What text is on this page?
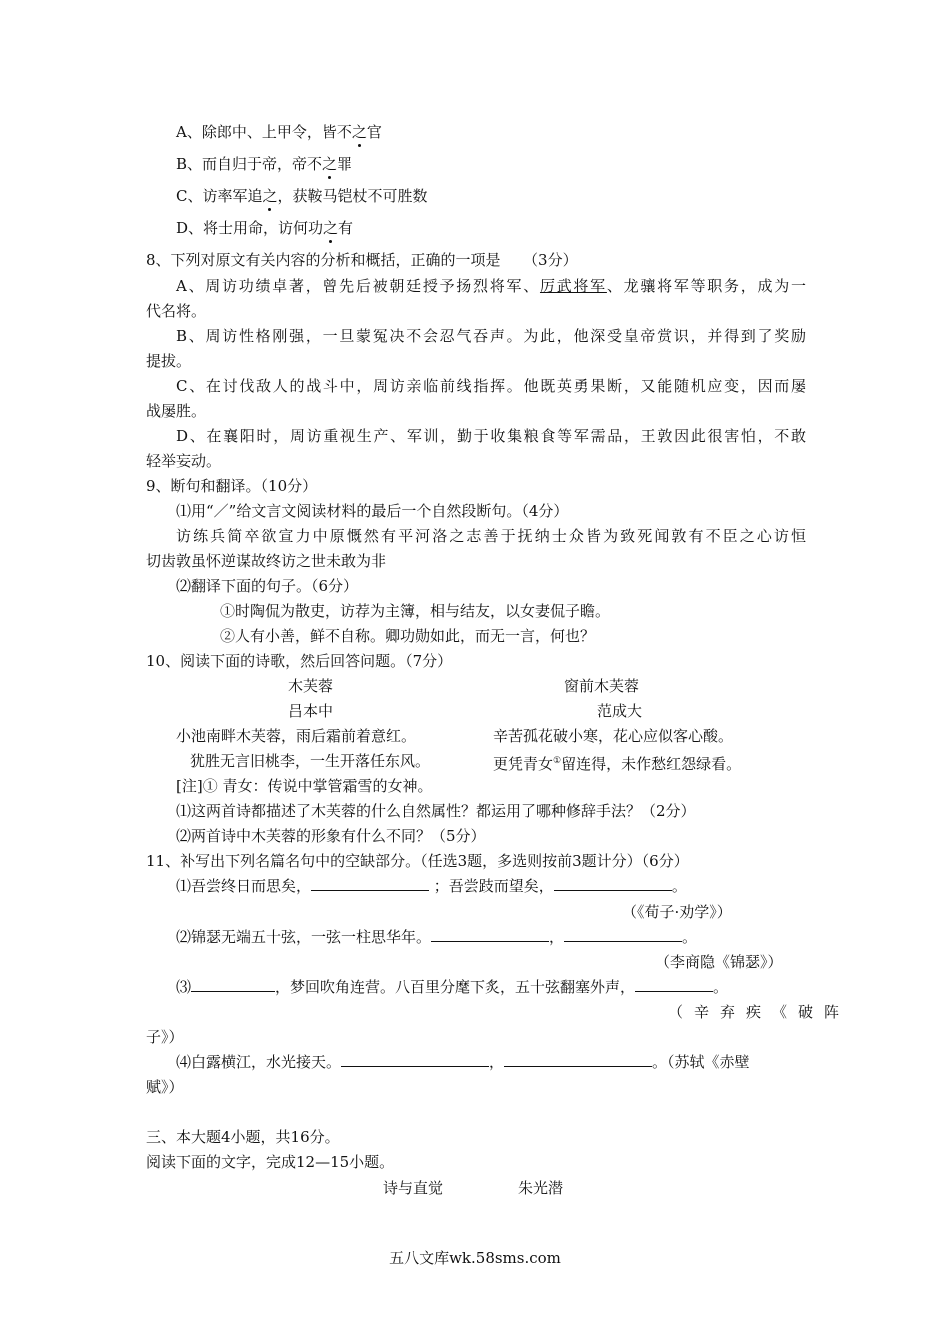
A、除郎中、上甲令，皆不之官
B、而自归于帝，帝不之罪
C、访率军追之，获鞍马铠杖不可胜数
D、将士用命，访何功之有
8、下列对原文有关内容的分析和概括，正确的一项是　　（3分）
A、周访功绩卓著，曾先后被朝廷授予扬烈将军、厉武将军、龙骧将军等职务，成为一
代名将。
B、周访性格刚强，一旦蒙冤决不会忍气吞声。为此，他深受皇帝赏识，并得到了奖励
提拔。
C、在讨伐敌人的战斗中，周访亲临前线指挥。他既英勇果断，又能随机应变，因而屡
战屡胜。
D、在襄阳时，周访重视生产、军训，勤于收集粮食等军需品，王敦因此很害怕，不敢
轻举妄动。
9、断句和翻译。（10分）
⑴用“／”给文言文阅读材料的最后一个自然段断句。（4分）
访练兵简卒欲宣力中原慨然有平河洛之志善于抚纳士众皆为致死闻敦有不臣之心访恒
切齿敦虽怀逆谋故终访之世未敢为非
⑵翻译下面的句子。（6分）
①时陶侃为散吏，访荐为主簿，相与结友，以女妻侃子瞻。
②人有小善，鲜不自称。卿功勋如此，而无一言，何也？
10、阅读下面的诗歌，然后回答问题。（7分）
木芙蓉	窗前木芙蓉
吕本中	范成大
小池南畔木芙蓉，雨后霜前着意红。	辛苦孤花破小寒，花心应似客心酸。
犹胜无言旧桃李，一生开落任东风。	更凭青女①留连得，未作愁红怨绿看。
[注]① 青女：传说中掌管霜雪的女神。
⑴这两首诗都描述了木芙蓉的什么自然属性？都运用了哪种修辞手法？（2分）
⑵两首诗中木芙蓉的形象有什么不同？（5分）
11、补写出下列名篇名句中的空缺部分。（任选3题，多选则按前3题计分）（6分）
⑴吾尝终日而思矣，	；吾尝跂而望矣，	。
（《荀子·劝学》）
⑵锦瑟无端五十弦，一弦一柱思华年。	，	。
（李商隐《锦瑟》）
⑶	，梦回吹角连营。八百里分麾下炙，五十弦翻塞外声，	。
（辛弃疾《破阵
子》）
⑷白露横江，水光接天。	，	。（苏轼《赤壁
赋》）
三、本大题4小题，共16分。
阅读下面的文字，完成12—15小题。
诗与直觉	朱光潜
五八文库wk.58sms.com
